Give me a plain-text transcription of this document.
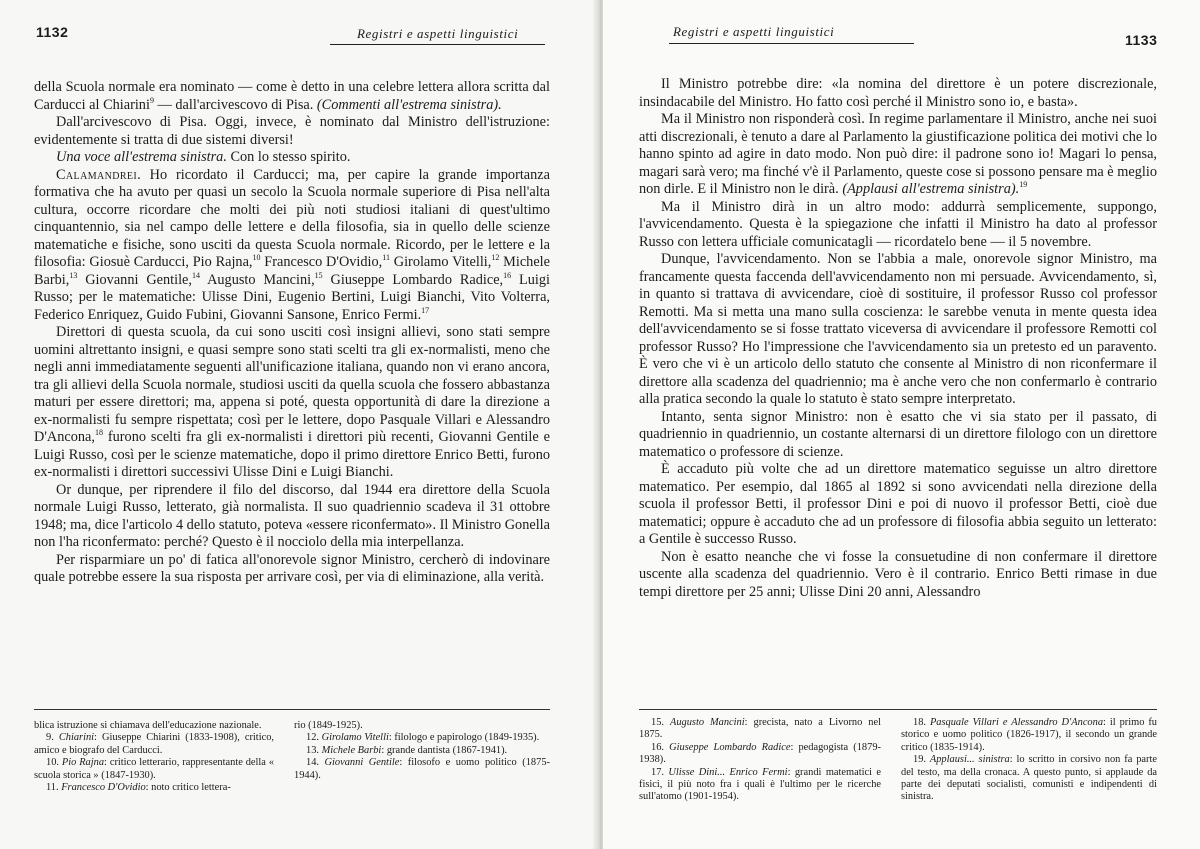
1132	Registri e aspetti linguistici

della Scuola normale era nominato — come è detto in una celebre lettera allora scritta dal Carducci al Chiarini$^9$ — dall'arcivescovo di Pisa. (Commenti all'estrema sinistra).

Dall'arcivescovo di Pisa. Oggi, invece, è nominato dal Ministro dell'istruzione: evidentemente si tratta di due sistemi diversi!

Una voce all'estrema sinistra. Con lo stesso spirito.

Calamandrei. Ho ricordato il Carducci; ma, per capire la grande importanza formativa che ha avuto per quasi un secolo la Scuola normale superiore di Pisa nell'alta cultura, occorre ricordare che molti dei più noti studiosi italiani di quest'ultimo cinquantennio, sia nel campo delle lettere e della filosofia, sia in quello delle scienze matematiche e fisiche, sono usciti da questa Scuola normale. Ricordo, per le lettere e la filosofia: Giosuè Carducci, Pio Rajna,$^{10}$ Francesco D'Ovidio,$^{11}$ Girolamo Vitelli,$^{12}$ Michele Barbi,$^{13}$ Giovanni Gentile,$^{14}$ Augusto Mancini,$^{15}$ Giuseppe Lombardo Radice,$^{16}$ Luigi Russo; per le matematiche: Ulisse Dini, Eugenio Bertini, Luigi Bianchi, Vito Volterra, Federico Enriquez, Guido Fubini, Giovanni Sansone, Enrico Fermi.$^{17}$

Direttori di questa scuola, da cui sono usciti così insigni allievi, sono stati sempre uomini altrettanto insigni, e quasi sempre sono stati scelti tra gli ex-normalisti, meno che negli anni immediatamente seguenti all'unificazione italiana, quando non vi erano ancora, tra gli allievi della Scuola normale, studiosi usciti da quella scuola che fossero abbastanza maturi per essere direttori; ma, appena si poté, questa opportunità di dare la direzione a ex-normalisti fu sempre rispettata; così per le lettere, dopo Pasquale Villari e Alessandro D'Ancona,$^{18}$ furono scelti fra gli ex-normalisti i direttori più recenti, Giovanni Gentile e Luigi Russo, così per le scienze matematiche, dopo il primo direttore Enrico Betti, furono ex-normalisti i direttori successivi Ulisse Dini e Luigi Bianchi.

Or dunque, per riprendere il filo del discorso, dal 1944 era direttore della Scuola normale Luigi Russo, letterato, già normalista. Il suo quadriennio scadeva il 31 ottobre 1948; ma, dice l'articolo 4 dello statuto, poteva «essere riconfermato». Il Ministro Gonella non l'ha riconfermato: perché? Questo è il nocciolo della mia interpellanza.

Per risparmiare un po' di fatica all'onorevole signor Ministro, cercherò di indovinare quale potrebbe essere la sua risposta per arrivare così, per via di eliminazione, alla verità.

blica istruzione si chiamava dell'educazione nazionale.

9. Chiarini: Giuseppe Chiarini (1833-1908), critico, amico e biografo del Carducci.

10. Pio Rajna: critico letterario, rappresentante della « scuola storica » (1847-1930).

11. Francesco D'Ovidio: noto critico lettera-

rio (1849-1925).

12. Girolamo Vitelli: filologo e papirologo (1849-1935).

13. Michele Barbi: grande dantista (1867-1941).

14. Giovanni Gentile: filosofo e uomo politico (1875-1944).

Registri e aspetti linguistici
1133

Il Ministro potrebbe dire: «la nomina del direttore è un potere discrezionale, insindacabile del Ministro. Ho fatto così perché il Ministro sono io, e basta».

Ma il Ministro non risponderà così. In regime parlamentare il Ministro, anche nei suoi atti discrezionali, è tenuto a dare al Parlamento la giustificazione politica dei motivi che lo hanno spinto ad agire in dato modo. Non può dire: il padrone sono io! Magari lo pensa, magari sarà vero; ma finché v'è il Parlamento, queste cose si possono pensare ma è meglio non dirle. E il Ministro non le dirà. (Applausi all'estrema sinistra).$^{19}$

Ma il Ministro dirà in un altro modo: addurrà semplicemente, suppongo, l'avvicendamento. Questa è la spiegazione che infatti il Ministro ha dato al professor Russo con lettera ufficiale comunicatagli — ricordatelo bene — il 5 novembre.

Dunque, l'avvicendamento. Non se l'abbia a male, onorevole signor Ministro, ma francamente questa faccenda dell'avvicendamento non mi persuade. Avvicendamento, sì, in quanto si trattava di avvicendare, cioè di sostituire, il professor Russo col professor Remotti. Ma si metta una mano sulla coscienza: le sarebbe venuta in mente questa idea dell'avvicendamento se si fosse trattato viceversa di avvicendare il professore Remotti col professor Russo? Ho l'impressione che l'avvicendamento sia un pretesto ed un paravento. È vero che vi è un articolo dello statuto che consente al Ministro di non riconfermare il direttore alla scadenza del quadriennio; ma è anche vero che non confermarlo è contrario alla pratica secondo la quale lo statuto è stato sempre interpretato.

Intanto, senta signor Ministro: non è esatto che vi sia stato per il passato, di quadriennio in quadriennio, un costante alternarsi di un direttore filologo con un direttore matematico o professore di scienze.

È accaduto più volte che ad un direttore matematico seguisse un altro direttore matematico. Per esempio, dal 1865 al 1892 si sono avvicendati nella direzione della scuola il professor Betti, il professor Dini e poi di nuovo il professor Betti, cioè due matematici; oppure è accaduto che ad un professore di filosofia abbia seguito un letterato: a Gentile è successo Russo.

Non è esatto neanche che vi fosse la consuetudine di non confermare il direttore uscente alla scadenza del quadriennio. Vero è il contrario. Enrico Betti rimase in due tempi direttore per 25 anni; Ulisse Dini 20 anni, Alessandro

15. Augusto Mancini: grecista, nato a Livorno nel 1875.

16. Giuseppe Lombardo Radice: pedagogista (1879-1938).

17. Ulisse Dini... Enrico Fermi: grandi matematici e fisici, il più noto fra i quali è l'ultimo per le ricerche sull'atomo (1901-1954).

18. Pasquale Villari e Alessandro D'Ancona: il primo fu storico e uomo politico (1826-1917), il secondo un grande critico (1835-1914).

19. Applausi... sinistra: lo scritto in corsivo non fa parte del testo, ma della cronaca. A questo punto, si applaude da parte dei deputati socialisti, comunisti e indipendenti di sinistra.
